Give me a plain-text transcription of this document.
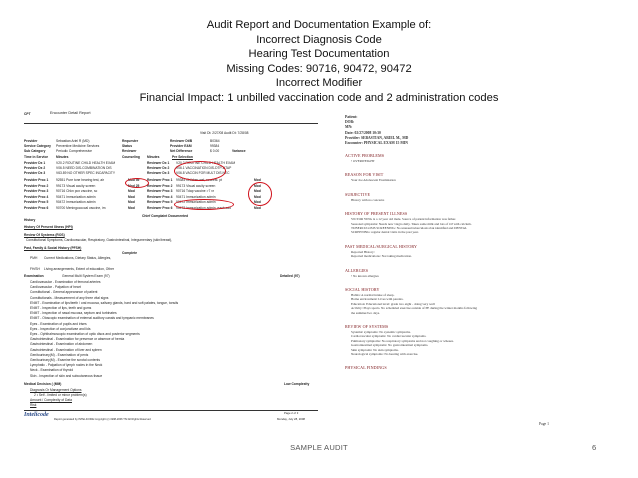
Audit Report and Documentation Example of:
Incorrect Diagnosis Code
Hearing Test Documentation
Missing Codes: 90716, 90472, 90472
Incorrect Modifier
Financial Impact: 1 unbilled vaccination code and 2 administration codes
CPT	Encounter Detail Report
Visit Dt: 2/27/08 Audit Dt: 7/28/08
Provider	Sebastian Ariel R (MD)	Requester	Reviewer Dt/B	B0364
Service Category Preventive Medicine Services	Status	Provider E&M	99384
Sub Category	Periodic Comprehensive	Reviewer	Net Difference	$ 0.00	Variance
Time in Service Minutes	Counseling Minutes	Pre Selection
Provider Dx 1	V20.2 ROUTINE CHILD HEALTH EXAM	Reviewer Dx 1 V20.2 ROUTINE CHILD HEALTH EXAM
Provider Dx 2	V06.5 NEED DIS-COMBINATION DIS	Reviewer Dx 2 V06.1 VACCINATION DIS-DTP-DTAP
Provider Dx 3	V63.89 NO OTHER SPEC INCAPACITY	Reviewer Dx 3 V06.8 VACCIN FOR MULT DIS NEC
Provider Proc 1 92551 Pure tone hearing test, air	Mod 59 Reviewer Proc 1 99384 Children wel, new/est. pt	Mod
Provider Proc 2 99173 Visual acuity screen	Mod 25 Reviewer Proc 2 99173 Visual acuity screen	Mod
Provider Proc 3 90716 Chkn pox vaccine, sc	Mod	Reviewer Proc 3 90716 Tdap vaccine >7 vr	Mod
Provider Proc 4 90471 Immunization admin	Mod	Reviewer Proc 4 90471 Immunization admin	Mod
Provider Proc 5 90472 Immunization admin	Mod	Reviewer Proc 5 90472 Immunization admin	Mod
Provider Proc 6 90700 Meningococcal vaccine, im	Mod	Reviewer Proc 6 90472 Immunization admin, each add	Mod
Chief Complaint Documented
History
History Of Present Illness (HPI)
Review Of Systems (ROS)
Constitutional Symptoms, Cardiovascular, Respiratory, Gastrointestinal, Integumentary (skin/breast),
Past, Family & Social History (PFSH)
Complete
PMH Current Medications, Dietary Status, Allergies,
FH/SH Living arrangements, Extent of education, Other
Examination	General Multi System Exam (97)	Detailed (97)
Cardiovascular - Examination of femoral arteries
Cardiovascular - Palpation of heart
Constitutional - General appearance of patient
Constitutionals - Measurement of any three vital signs
ENMT - Examination of lips/teeth / oral mucosa, salivary glands, hard and soft palates, tongue, tonsils
ENMT - Inspection of lips, teeth and gums
ENMT - Inspection of nasal mucosa, septum and turbinates
ENMT - Otoscopic examination of external auditory canals and tympanic membranes
Eyes - Examination of pupils and irises
Eyes - Inspection of conjunctivae and lids
Eyes - Ophthalmoscopic examination of optic discs and posterior segments
Gastrointestinal - Examination for presence or absence of hernia
Gastrointestinal - Examination of abdomen
Gastrointestinal - Examination of liver and spleen
Genitourinary(M) - Examination of penis
Genitourinary(M) - Examine the scrotal contents
Lymphatic - Palpation of lymph nodes in the Neck
Neck - Examination of thyroid
Skin - Inspection of skin and subcutaneous tissue
Medical Decision ( (MM)	Low Complexity
Diagnosis Or Management Options
2 • Self - limited or minor problem(s)
Amount / Complexity of Data
Risk
Intelicode
Report generated by INTELICODE Copyright (c) 1998-2006 TSI All Rights Reserved
Page 2 of 3
Monday, July 28, 2008
Patient:
DOB:
MN:
Date: 02/27/2008 10:30
Provider: SEBASTIAN, ARIEL M., MD
Encounter: PHYSICAL EXAM 15 MIN
ACTIVE PROBLEMS
• OVERWEIGHT
REASON FOR VISIT
Your Joe Adolescent Examination
SUBJECTIVE
History with no concerns
HISTORY OF PRESENT ILLNESS
VICTOR YING is a 12 year old male. Source of patient information was father.
Seasonal symptoms: Needs new viagra daily. Takes some milk and lots of OJ with calcium.
TUBERCULOSIS SCREENING: No unusual tuberculosis risk identified and DENTAL
SCREENING: regular dental visits in the past year.
PAST MEDICAL/SURGICAL HISTORY
Reported History:
Reported medications: Not taking medication.
ALLERGIES
• No known allergies
SOCIAL HISTORY
Habits: A normal intake of sleep.
Home environment: Lives with parents.
Education: Educational level: grade two eight - doing very well
Activity: Plays sports. No scheduled exercise outside of PE during the winter months following
the summer/two days.
REVIEW OF SYSTEMS
Systemic symptoms: No systemic symptoms.
Cardiovascular symptoms: No cardiovascular symptoms.
Pulmonary symptoms: No respiratory symptoms and not coughing or wheeze.
Gastrointestinal symptoms: No gastrointestinal symptoms.
Skin symptoms: No skin symptoms.
Neurological symptoms: No hearing with exercise.
PHYSICAL FINDINGS
Page 1
SAMPLE AUDIT	6
